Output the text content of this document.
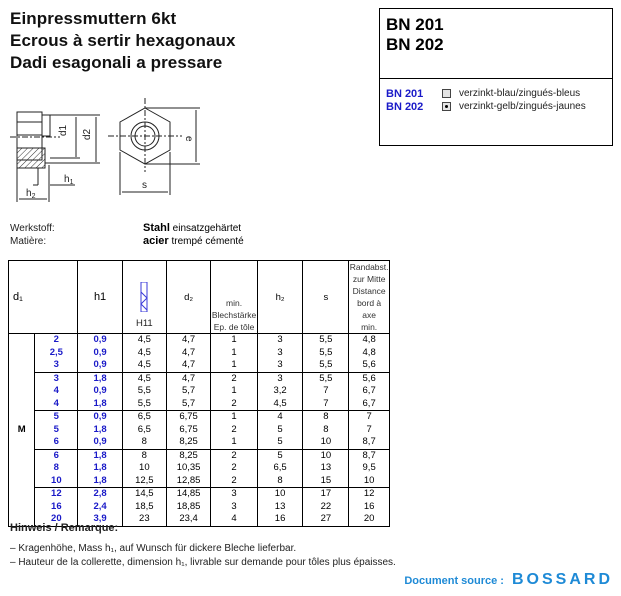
Einpressmuttern 6kt
Ecrous à sertir hexagonaux
Dadi esagonali a pressare
BN 201
BN 202
BN 201	verzinkt-blau/zingués-bleus
BN 202	verzinkt-gelb/zingués-jaunes
$h_1$
$h_2$
s
e
d1 d2
Werkstoff:	Stahl einsatzgehärtet
Matière:	acier trempé cémenté
d₁	h1	
H11
	d₂	
min.
Blechstärke
Ep. de tôle
	h₂	s	
Randabst.
zur Mitte
Distance
bord à axe
min.

M	2	0,9	4,5	4,7	1	3	5,5	4,8
	2,5	0,9	4,5	4,7	1	3	5,5	4,8
	3	0,9	4,5	4,7	1	3	5,5	5,6
	3	1,8	4,5	4,7	2	3	5,5	5,6
	4	0,9	5,5	5,7	1	3,2	7	6,7
	4	1,8	5,5	5,7	2	4,5	7	6,7
	5	0,9	6,5	6,75	1	4	8	7
	5	1,8	6,5	6,75	2	5	8	7
	6	0,9	8	8,25	1	5	10	8,7
	6	1,8	8	8,25	2	5	10	8,7
	8	1,8	10	10,35	2	6,5	13	9,5
	10	1,8	12,5	12,85	2	8	15	10
	12	2,8	14,5	14,85	3	10	17	12
	16	2,4	18,5	18,85	3	13	22	16
	20	3,9	23	23,4	4	16	27	20
Hinweis / Remarque:
– Kragenhöhe, Mass h₁, auf Wunsch für dickere Bleche lieferbar.
– Hauteur de la collerette, dimension h₁, livrable sur demande pour tôles plus épaisses.
Document source : BOSSARD
